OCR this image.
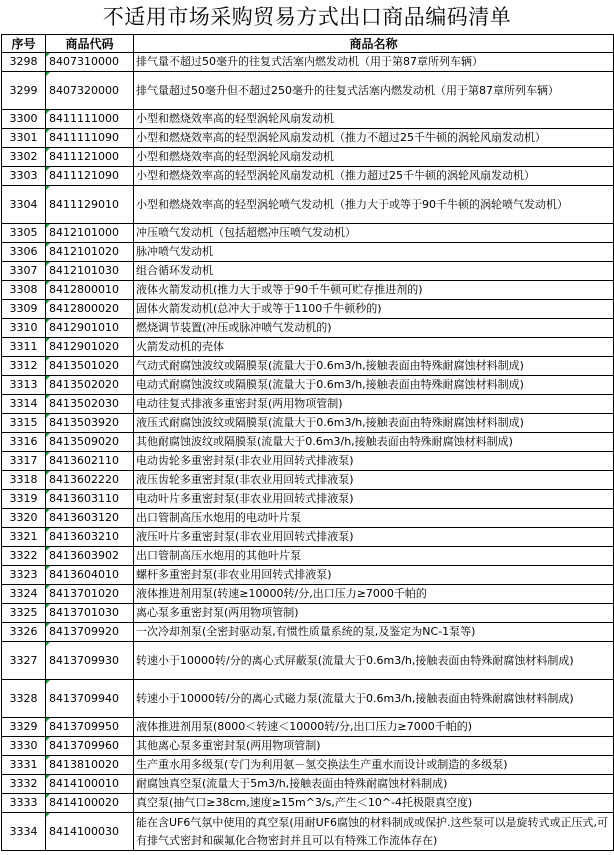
不适用市场采购贸易方式出口商品编码清单
序号	商品代码	商品名称
3298	8407310000	排气量不超过50毫升的往复式活塞内燃发动机（用于第87章所列车辆）
3299	8407320000	排气量超过50毫升但不超过250毫升的往复式活塞内燃发动机（用于第87章所列车辆）
3300	8411111000	小型和燃烧效率高的轻型涡轮风扇发动机
3301	8411111090	小型和燃烧效率高的轻型涡轮风扇发动机（推力不超过25千牛顿的涡轮风扇发动机）
3302	8411121000	小型和燃烧效率高的轻型涡轮风扇发动机
3303	8411121090	小型和燃烧效率高的轻型涡轮风扇发动机（推力超过25千牛顿的涡轮风扇发动机）
3304	8411129010	小型和燃烧效率高的轻型涡轮喷气发动机（推力大于或等于90千牛顿的涡轮喷气发动机）
3305	8412101000	冲压喷气发动机（包括超燃冲压喷气发动机）
3306	8412101020	脉冲喷气发动机
3307	8412101030	组合循环发动机
3308	8412800010	液体火箭发动机(推力大于或等于90千牛顿可贮存推进剂的)
3309	8412800020	固体火箭发动机(总冲大于或等于1100千牛顿秒的)
3310	8412901010	燃烧调节装置(冲压或脉冲喷气发动机的)
3311	8412901020	火箭发动机的壳体
3312	8413501020	气动式耐腐蚀波纹或隔膜泵(流量大于0.6m3/h,接触表面由特殊耐腐蚀材料制成)
3313	8413502020	电动式耐腐蚀波纹或隔膜泵(流量大于0.6m3/h,接触表面由特殊耐腐蚀材料制成)
3314	8413502030	电动往复式排液多重密封泵(两用物项管制)
3315	8413503920	液压式耐腐蚀波纹或隔膜泵(流量大于0.6m3/h,接触表面由特殊耐腐蚀材料制成)
3316	8413509020	其他耐腐蚀波纹或隔膜泵(流量大于0.6m3/h,接触表面由特殊耐腐蚀材料制成)
3317	8413602110	电动齿轮多重密封泵(非农业用回转式排液泵)
3318	8413602220	液压齿轮多重密封泵(非农业用回转式排液泵)
3319	8413603110	电动叶片多重密封泵(非农业用回转式排液泵)
3320	8413603120	出口管制高压水炮用的电动叶片泵
3321	8413603210	液压叶片多重密封泵(非农业用回转式排液泵)
3322	8413603902	出口管制高压水炮用的其他叶片泵
3323	8413604010	螺杆多重密封泵(非农业用回转式排液泵)
3324	8413701020	液体推进剂用泵(转速≥10000转/分,出口压力≥7000千帕的
3325	8413701030	离心泵多重密封泵(两用物项管制)
3326	8413709920	一次冷却剂泵(全密封驱动泵,有惯性质量系统的泵,及鉴定为NC-1泵等)
3327	8413709930	转速小于10000转/分的离心式屏蔽泵(流量大于0.6m3/h,接触表面由特殊耐腐蚀材料制成)
3328	8413709940	转速小于10000转/分的离心式磁力泵(流量大于0.6m3/h,接触表面由特殊耐腐蚀材料制成)
3329	8413709950	液体推进剂用泵(8000＜转速＜10000转/分,出口压力≥7000千帕的)
3330	8413709960	其他离心泵多重密封泵(两用物项管制)
3331	8413810020	生产重水用多级泵(专门为利用氨－氢交换法生产重水而设计或制造的多级泵)
3332	8414100010	耐腐蚀真空泵(流量大于5m3/h,接触表面由特殊耐腐蚀材料制成)
3333	8414100020	真空泵(抽气口≥38cm,速度≥15m^3/s,产生＜10^-4托极限真空度)
3334	8414100030	能在含UF6气氛中使用的真空泵(用耐UF6腐蚀的材料制成或保护.这些泵可以是旋转式或正压式,可有排气式密封和碳氟化合物密封并且可以有特殊工作流体存在)
